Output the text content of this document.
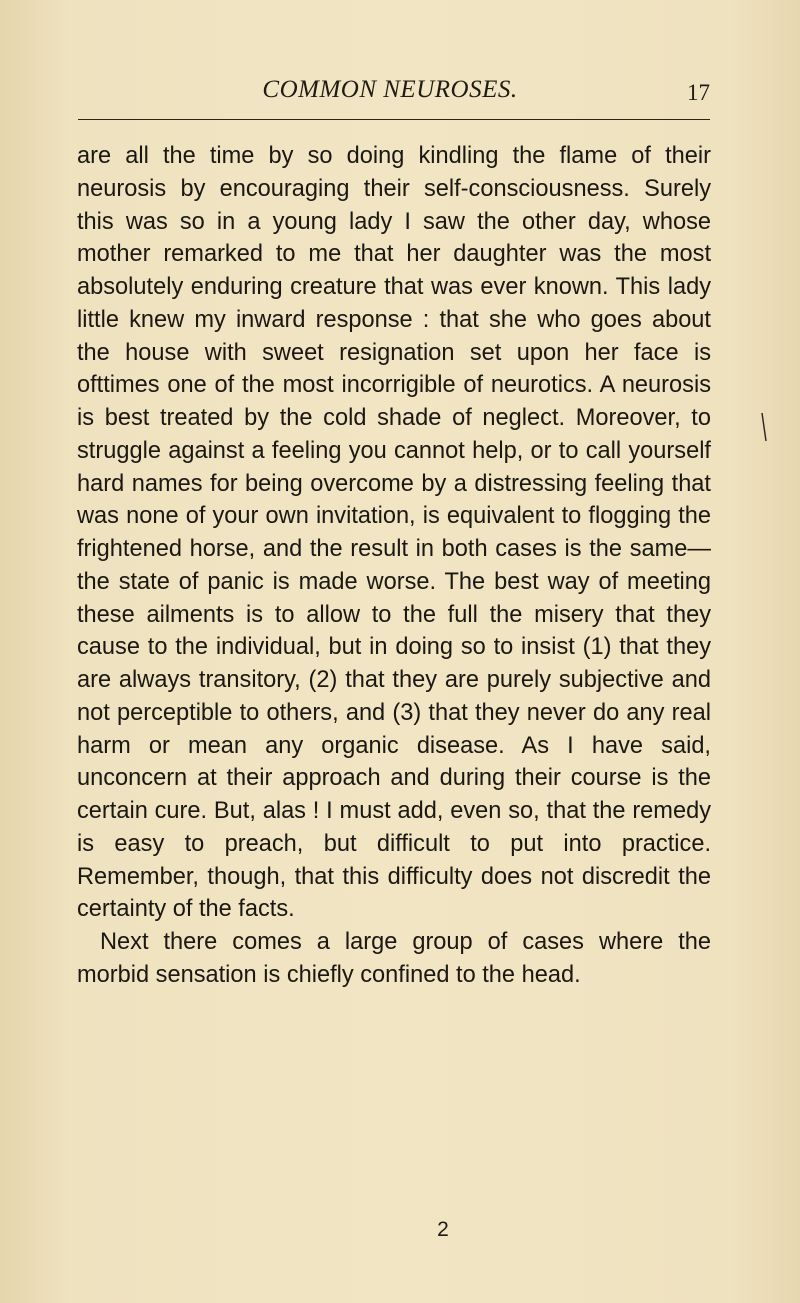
COMMON NEUROSES.	17

are all the time by so doing kindling the flame of their neurosis by encouraging their self-consciousness. Surely this was so in a young lady I saw the other day, whose mother remarked to me that her daughter was the most absolutely enduring creature that was ever known. This lady little knew my inward response : that she who goes about the house with sweet resignation set upon her face is ofttimes one of the most incorrigible of neurotics. A neurosis is best treated by the cold shade of neglect. Moreover, to struggle against a feeling you cannot help, or to call yourself hard names for being overcome by a distressing feeling that was none of your own invitation, is equivalent to flogging the frightened horse, and the result in both cases is the same—the state of panic is made worse. The best way of meeting these ailments is to allow to the full the misery that they cause to the individual, but in doing so to insist (1) that they are always transitory, (2) that they are purely subjective and not perceptible to others, and (3) that they never do any real harm or mean any organic disease. As I have said, unconcern at their approach and during their course is the certain cure. But, alas ! I must add, even so, that the remedy is easy to preach, but difficult to put into practice. Remember, though, that this difficulty does not discredit the certainty of the facts.

Next there comes a large group of cases where the morbid sensation is chiefly confined to the head.

2
